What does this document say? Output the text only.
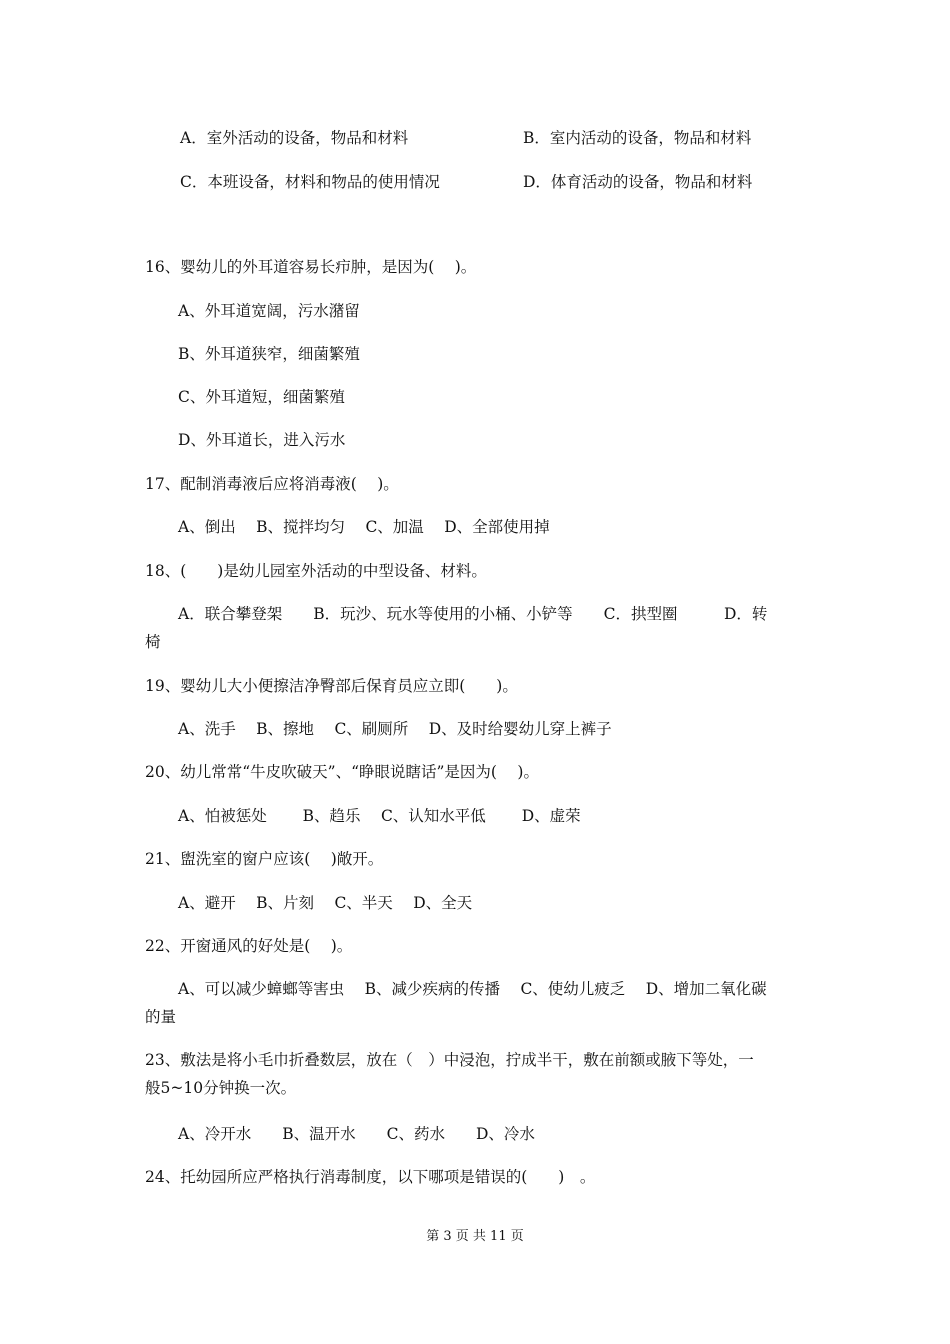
A．室外活动的设备，物品和材料	B．室内活动的设备，物品和材料
C．本班设备，材料和物品的使用情况	D．体育活动的设备，物品和材料
16、婴幼儿的外耳道容易长疖肿，是因为(　 )。
A、外耳道宽阔，污水潴留
B、外耳道狭窄，细菌繁殖
C、外耳道短，细菌繁殖
D、外耳道长，进入污水
17、配制消毒液后应将消毒液(　 )。
A、倒出　 B、搅拌均匀　 C、加温　 D、全部使用掉
18、(　　)是幼儿园室外活动的中型设备、材料。
A．联合攀登架　　B．玩沙、玩水等使用的小桶、小铲等　　C．拱型圈　　　D．转
椅
19、婴幼儿大小便擦洁净臀部后保育员应立即(　　)。
A、洗手　 B、擦地　 C、刷厕所　 D、及时给婴幼儿穿上裤子
20、幼儿常常“牛皮吹破天”、“睁眼说瞎话”是因为(　 )。
A、怕被惩处　　 B、趋乐　 C、认知水平低　　 D、虚荣
21、盥洗室的窗户应该(　 )敞开。
A、避开　 B、片刻　 C、半天　 D、全天
22、开窗通风的好处是(　 )。
A、可以减少蟑螂等害虫　 B、减少疾病的传播　 C、使幼儿疲乏　 D、增加二氧化碳
的量
23、敷法是将小毛巾折叠数层，放在（　）中浸泡，拧成半干，敷在前额或腋下等处，一
般5~10分钟换一次。
A、冷开水　　B、温开水　　C、药水　　D、冷水
24、托幼园所应严格执行消毒制度，以下哪项是错误的(　　)　。
第 3 页 共 11 页
